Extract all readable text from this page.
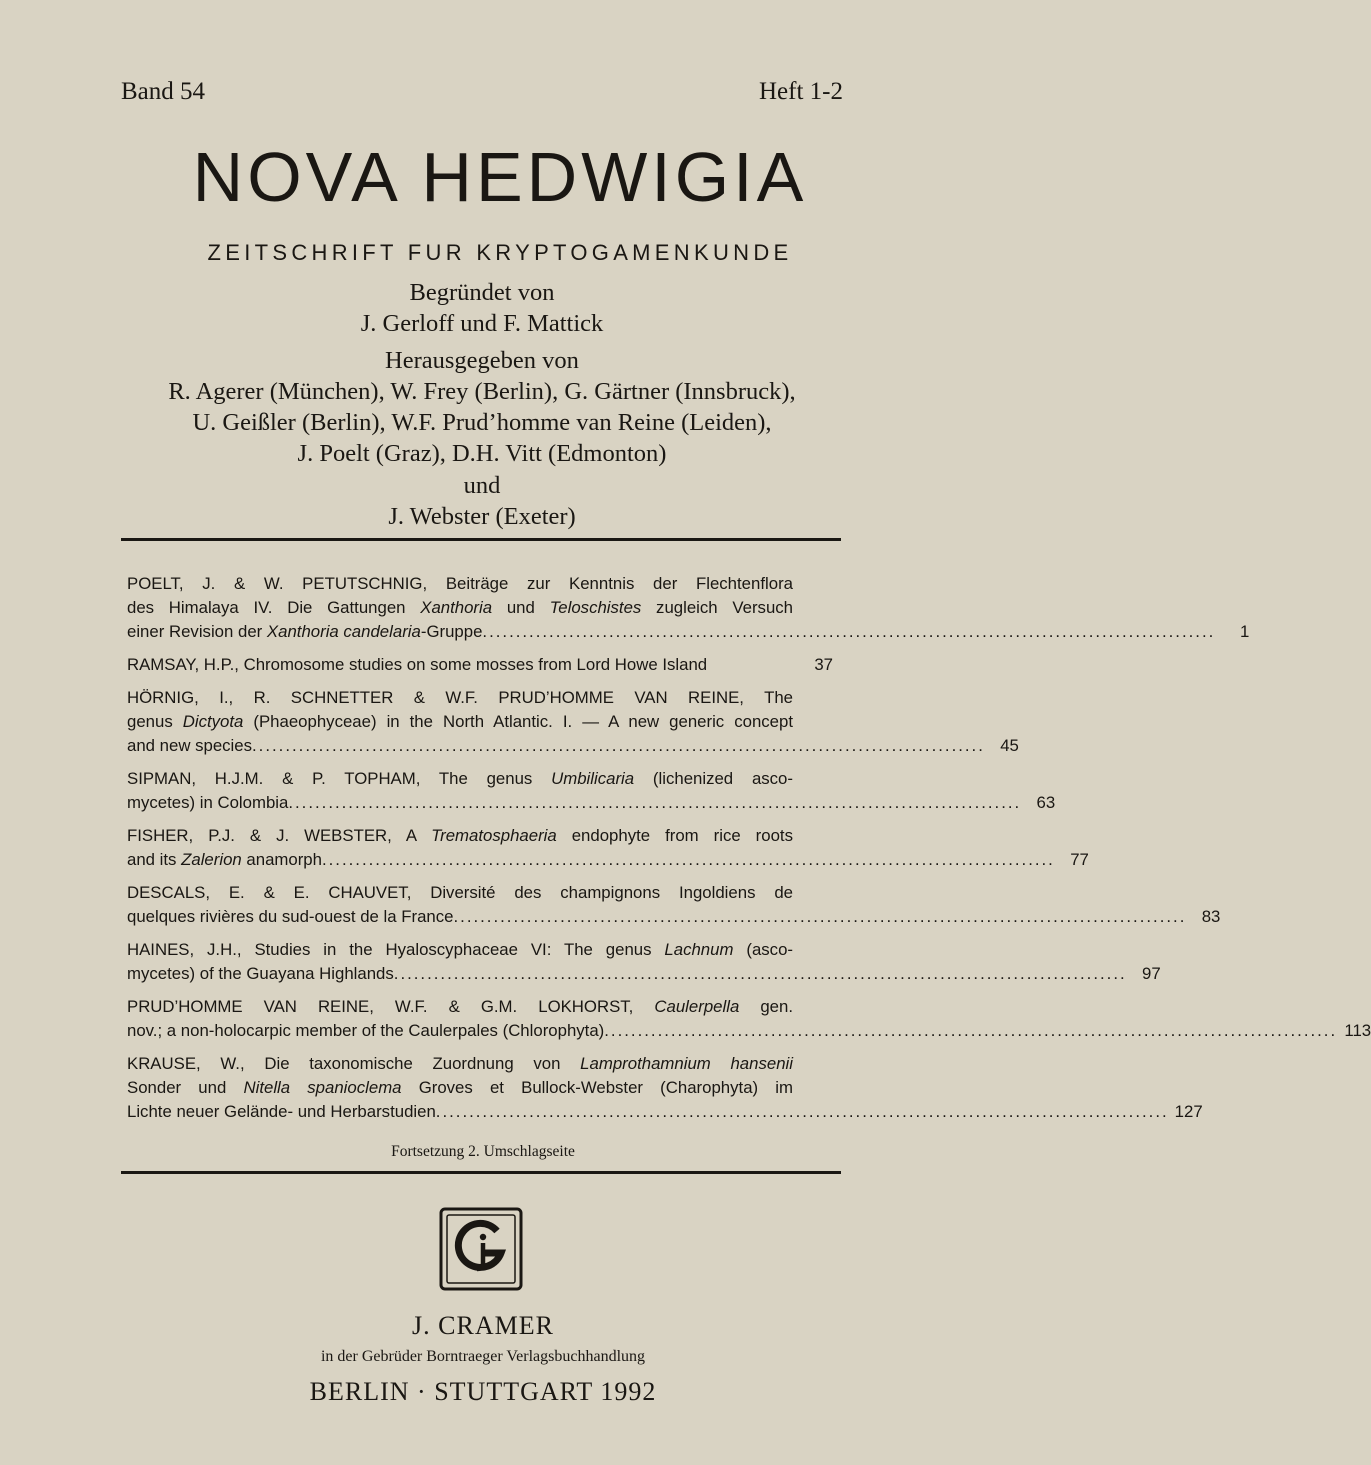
Band 54	Heft 1-2
NOVA HEDWIGIA
ZEITSCHRIFT FUR KRYPTOGAMENKUNDE
Begründet von
J. Gerloff und F. Mattick
Herausgegeben von
R. Agerer (München), W. Frey (Berlin), G. Gärtner (Innsbruck),
U. Geißler (Berlin), W.F. Prud’homme van Reine (Leiden),
J. Poelt (Graz), D.H. Vitt (Edmonton)
und
J. Webster (Exeter)
POELT, J. & W. PETUTSCHNIG, Beiträge zur Kenntnis der Flechtenflora
des Himalaya IV. Die Gattungen Xanthoria und Teloschistes zugleich Versuch
einer Revision der Xanthoria candelaria-Gruppe ..............................................................................................................	1
RAMSAY, H.P., Chromosome studies on some mosses from Lord Howe Island	37
HÖRNIG, I., R. SCHNETTER & W.F. PRUD’HOMME VAN REINE, The
genus Dictyota (Phaeophyceae) in the North Atlantic. I. — A new generic concept
and new species .............................................................................................................. 45
SIPMAN, H.J.M. & P. TOPHAM, The genus Umbilicaria (lichenized asco-
mycetes) in Colombia .............................................................................................................. 63
FISHER, P.J. & J. WEBSTER, A Trematosphaeria endophyte from rice roots
and its Zalerion anamorph .............................................................................................................. 77
DESCALS, E. & E. CHAUVET, Diversité des champignons Ingoldiens de
quelques rivières du sud-ouest de la France .............................................................................................................. 83
HAINES, J.H., Studies in the Hyaloscyphaceae VI: The genus Lachnum (asco-
mycetes) of the Guayana Highlands .............................................................................................................. 97
PRUD’HOMME VAN REINE, W.F. & G.M. LOKHORST, Caulerpella gen.
nov.; a non-holocarpic member of the Caulerpales (Chlorophyta) .............................................................................................................. 113
KRAUSE, W., Die taxonomische Zuordnung von Lamprothamnium hansenii
Sonder und Nitella spanioclema Groves et Bullock-Webster (Charophyta) im
Lichte neuer Gelände- und Herbarstudien .............................................................................................................. 127
Fortsetzung 2. Umschlagseite
J. CRAMER
in der Gebrüder Borntraeger Verlagsbuchhandlung
BERLIN · STUTTGART 1992
